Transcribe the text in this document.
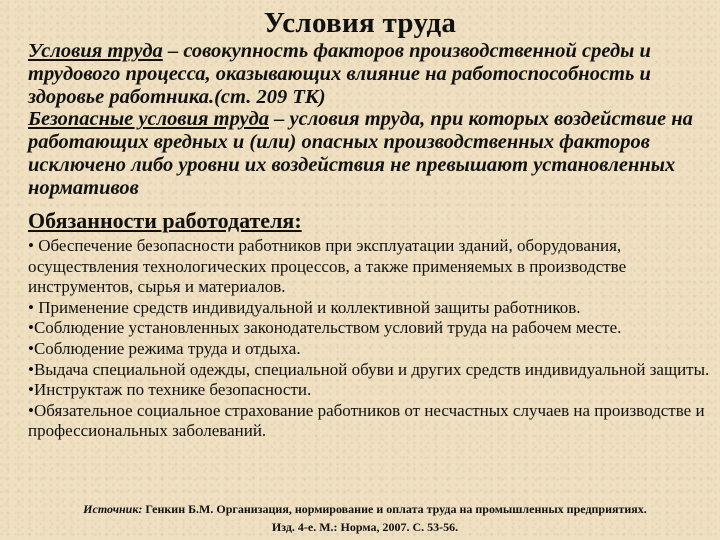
Условия труда

Условия труда – совокупность факторов производственной среды и трудового процесса, оказывающих влияние на работоспособность и здоровье работника.(ст. 209 ТК)

Безопасные условия труда – условия труда, при которых воздействие на работающих вредных и (или) опасных производственных факторов исключено либо уровни их воздействия не превышают установленных нормативов

Обязанности работодателя:
• Обеспечение безопасности работников при эксплуатации зданий, оборудования, осуществления технологических процессов, а также применяемых в производстве инструментов, сырья и материалов.
• Применение средств индивидуальной и коллективной защиты работников.
•Соблюдение установленных законодательством условий труда на рабочем месте.
•Соблюдение режима труда и отдыха.
•Выдача специальной одежды, специальной обуви и других средств индивидуальной защиты.
•Инструктаж по технике безопасности.
•Обязательное социальное страхование работников от несчастных случаев на производстве и профессиональных заболеваний.
Источник: Генкин Б.М. Организация, нормирование и оплата труда на промышленных предприятиях.
Изд. 4-е. М.: Норма, 2007. С. 53-56.
